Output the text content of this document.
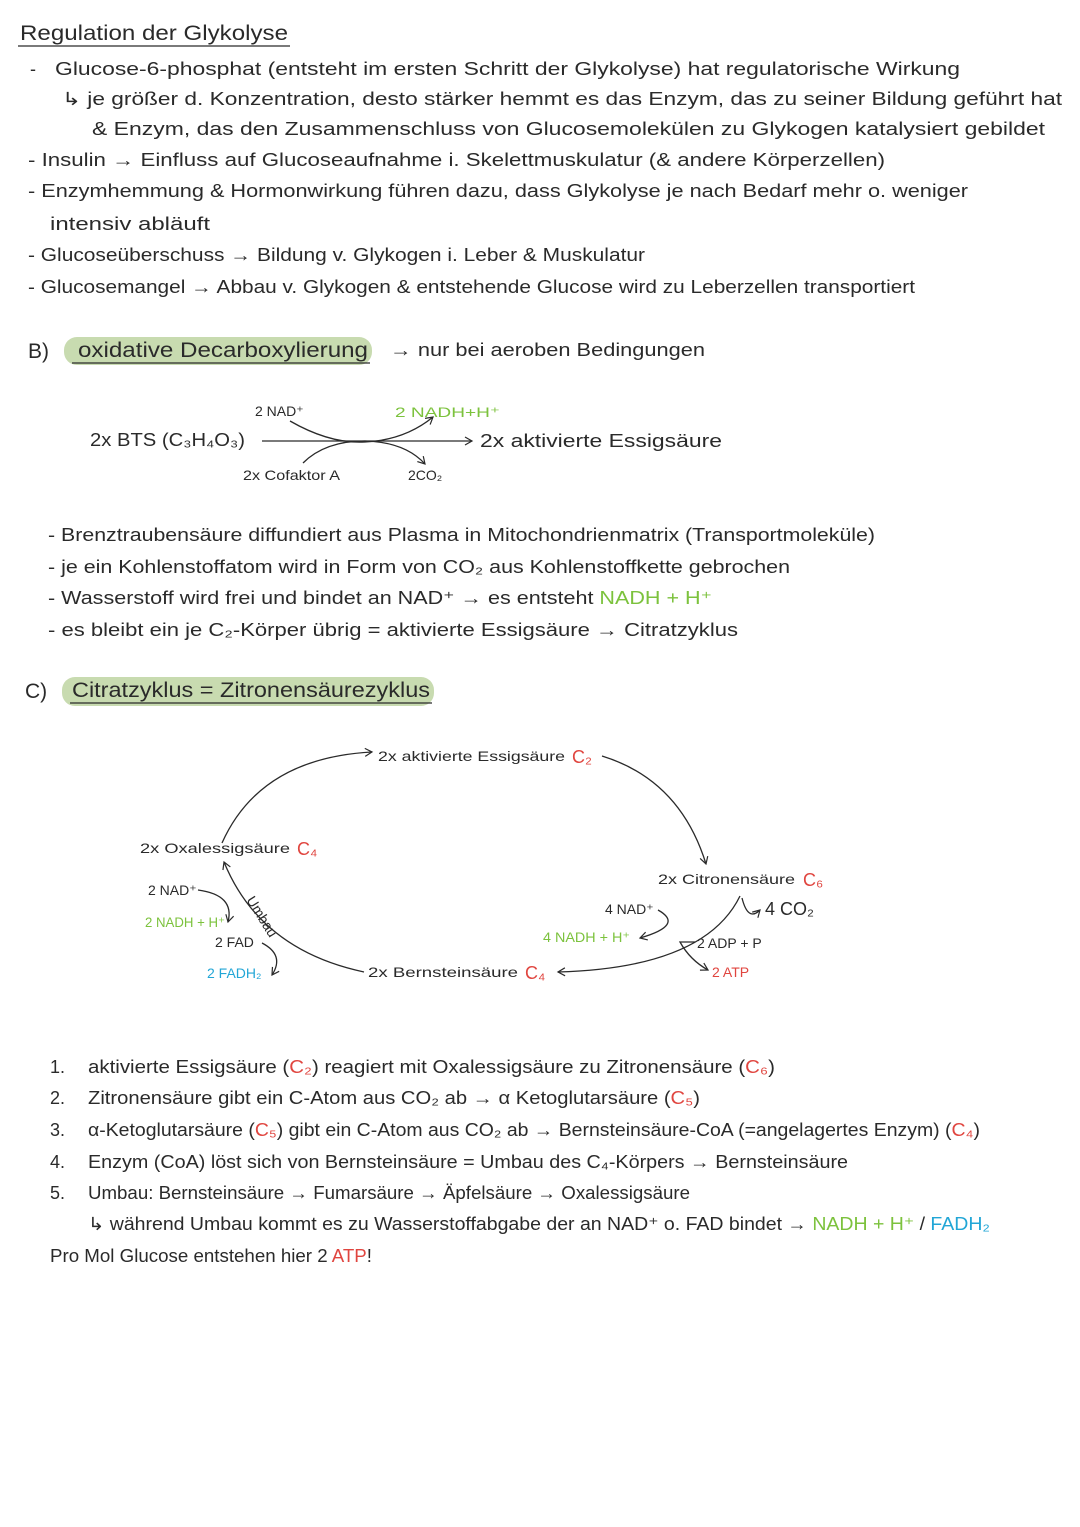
Regulation der Glykolyse
- Glucose-6-phosphat (entsteht im ersten Schritt der Glykolyse) hat regulatorische Wirkung
↳ je größer d. Konzentration, desto stärker hemmt es das Enzym, das zu seiner Bildung geführt hat
& Enzym, das den Zusammenschluss von Glucosemolekülen zu Glykogen katalysiert gebildet
- Insulin → Einfluss auf Glucoseaufnahme i. Skelettmuskulatur (& andere Körperzellen)
- Enzymhemmung & Hormonwirkung führen dazu, dass Glykolyse je nach Bedarf mehr o. weniger
intensiv abläuft
- Glucoseüberschuss → Bildung v. Glykogen i. Leber & Muskulatur
- Glucosemangel → Abbau v. Glykogen & entstehende Glucose wird zu Leberzellen transportiert
B) oxidative Decarboxylierung → nur bei aeroben Bedingungen
2x BTS (C₃H₄O₃)	2x aktivierte Essigsäure
2 NAD⁺	2 NADH+H⁺
2x Cofaktor A	2CO₂
- Brenztraubensäure diffundiert aus Plasma in Mitochondrienmatrix (Transportmoleküle)
- je ein Kohlenstoffatom wird in Form von CO₂ aus Kohlenstoffkette gebrochen
- Wasserstoff wird frei und bindet an NAD⁺ → es entsteht	NADH + H⁺
- es bleibt ein je C₂-Körper übrig = aktivierte Essigsäure → Citratzyklus
C) Citratzyklus = Zitronensäurezyklus
2x aktivierte Essigsäure C₂
2x Oxalessigsäure C₄
2x Citronensäure C₆
2x Bernsteinsäure C₄
2 NAD⁺
2 NADH + H⁺
2 FAD
2 FADH₂
Umbau	4 NAD⁺
4 NADH + H⁺
4 CO₂
2 ADP + P
2 ATP
1. aktivierte Essigsäure ( C₂ ) reagiert mit Oxalessigsäure zu Zitronensäure (	C₆ )
2. Zitronensäure gibt ein C-Atom aus CO₂ ab → α Ketoglutarsäure (	C₅ )
3. α-Ketoglutarsäure ( C₅) gibt ein C-Atom aus CO₂ ab → Bernsteinsäure-CoA (=angelagertes Enzym) (	C₄)
4. Enzym (CoA) löst sich von Bernsteinsäure = Umbau des C₄-Körpers → Bernsteinsäure
5. Umbau: Bernsteinsäure → Fumarsäure → Äpfelsäure → Oxalessigsäure
↳ während Umbau kommt es zu Wasserstoffabgabe der an NAD⁺ o. FAD bindet →	NADH + H⁺ / FADH₂
Pro Mol Glucose entstehen hier 2 ATP!
